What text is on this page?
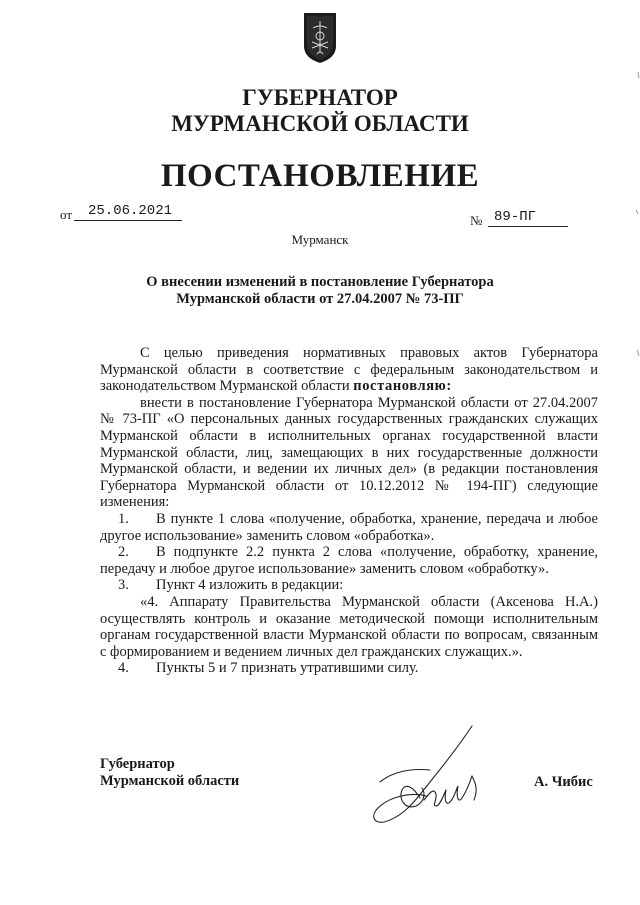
ГУБЕРНАТОР
МУРМАНСКОЙ ОБЛАСТИ
ПОСТАНОВЛЕНИЕ
от	25.06.2021
№ 89-ПГ
Мурманск
О внесении изменений в постановление Губернатора
Мурманской области от 27.04.2007 № 73-ПГ

С целью приведения нормативных правовых актов Губернатора Мурманской области в соответствие с федеральным законодательством и законодательством Мурманской области постановляю:

внести в постановление Губернатора Мурманской области от 27.04.2007 № 73-ПГ «О персональных данных государственных гражданских служащих Мурманской области в исполнительных органах государственной власти Мурманской области, лиц, замещающих в них государственные должности Мурманской области, и ведении их личных дел» (в редакции постановления Губернатора Мурманской области от 10.12.2012 № 194-ПГ) следующие изменения:

1. В пункте 1 слова «получение, обработка, хранение, передача и любое другое использование» заменить словом «обработка».

2. В подпункте 2.2 пункта 2 слова «получение, обработку, хранение, передачу и любое другое использование» заменить словом «обработку».

3. Пункт 4 изложить в редакции:

«4. Аппарату Правительства Мурманской области (Аксенова Н.А.) осуществлять контроль и оказание методической помощи исполнительным органам государственной власти Мурманской области по вопросам, связанным с формированием и ведением личных дел гражданских служащих.».

4. Пункты 5 и 7 признать утратившими силу.

Губернатор
Мурманской области	А. Чибис
